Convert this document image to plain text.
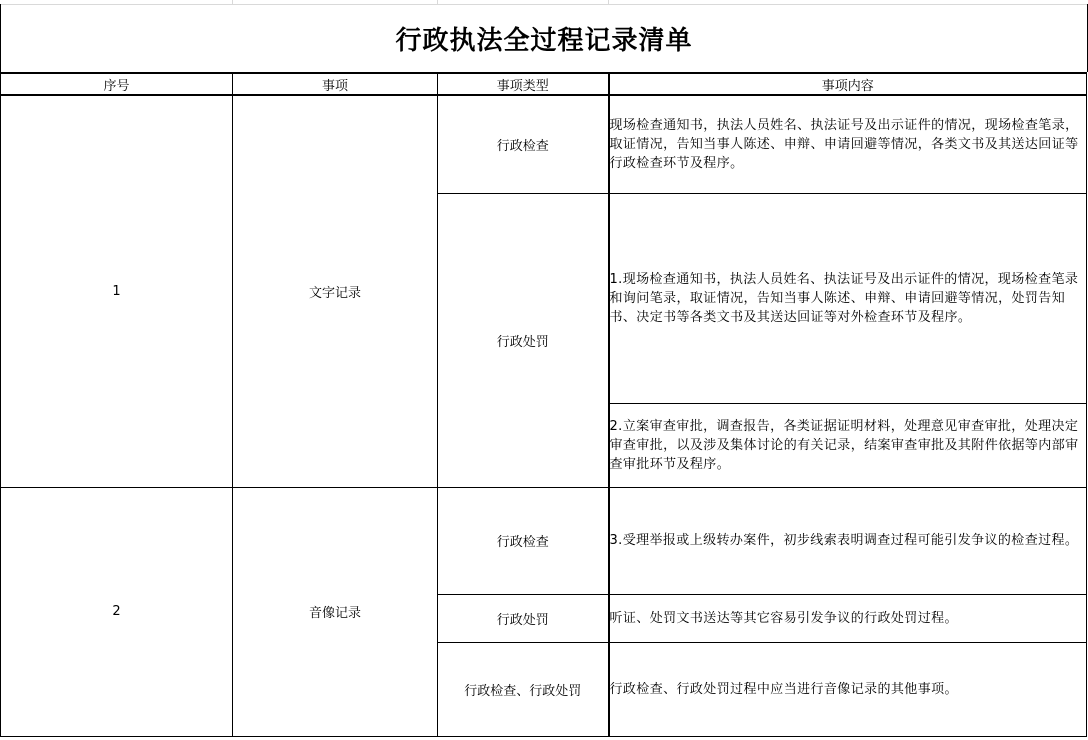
行政执法全过程记录清单
序号	事项	事项类型	事项内容
1	文字记录	行政检查	现场检查通知书，执法人员姓名、执法证号及出示证件的情况，现场检查笔录，取证情况，告知当事人陈述、申辩、申请回避等情况，各类文书及其送达回证等行政检查环节及程序。
		行政处罚	1.现场检查通知书，执法人员姓名、执法证号及出示证件的情况，现场检查笔录和询问笔录，取证情况，告知当事人陈述、申辩、申请回避等情况，处罚告知书、决定书等各类文书及其送达回证等对外检查环节及程序。
			2.立案审查审批，调查报告，各类证据证明材料，处理意见审查审批，处理决定审查审批，以及涉及集体讨论的有关记录，结案审查审批及其附件依据等内部审查审批环节及程序。
2	音像记录	行政检查	3.受理举报或上级转办案件，初步线索表明调查过程可能引发争议的检查过程。
		行政处罚	听证、处罚文书送达等其它容易引发争议的行政处罚过程。
		行政检查、行政处罚	行政检查、行政处罚过程中应当进行音像记录的其他事项。
